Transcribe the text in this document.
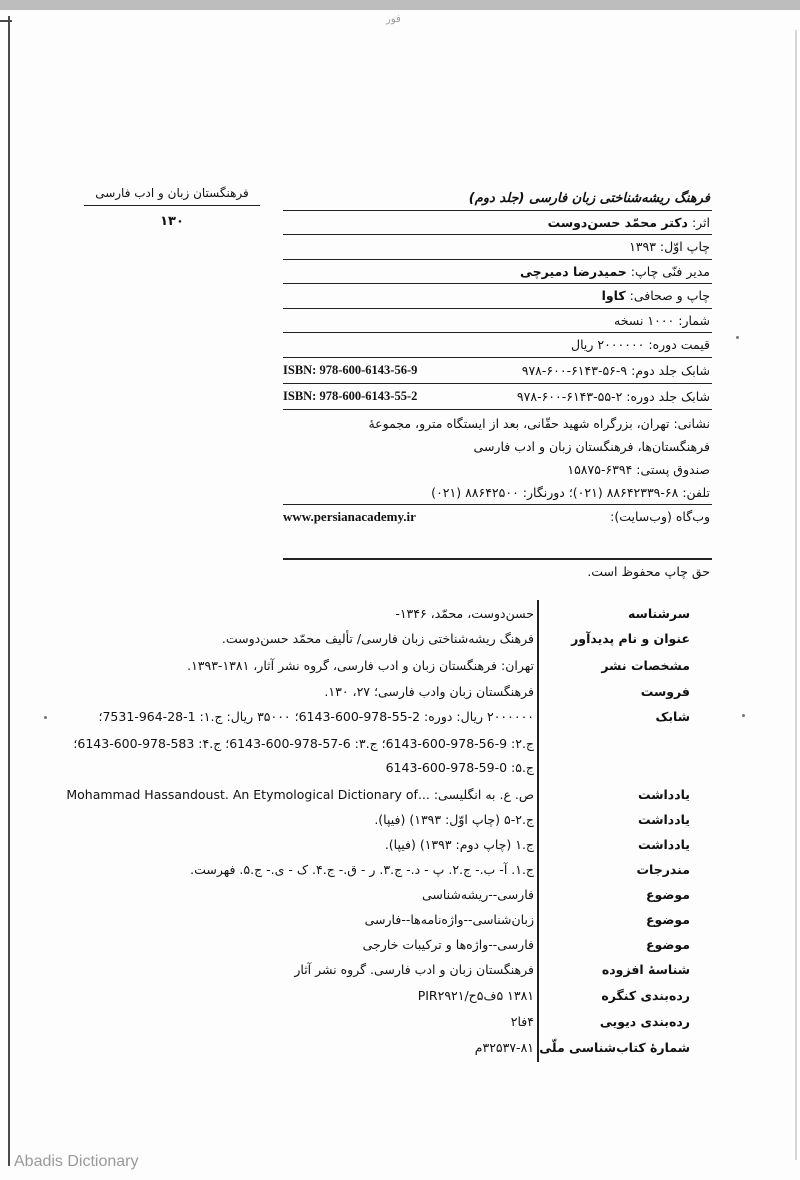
فور
فرهنگستان زبان و ادب فارسی
۱۳۰
فرهنگ ریشه‌شناختی زبان فارسی (جلد دوم)
اثر: دکتر محمّد حسن‌دوست
چاپ اوّل: ۱۳۹۳
مدیر فنّی چاپ: حمیدرضا دمیرچی
چاپ و صحافی: کاوا
شمار: ۱۰۰۰ نسخه
قیمت دوره: ۲۰۰۰۰۰۰ ریال
شابک جلد دوم: ۹-۵۶-۶۱۴۳-۶۰۰-۹۷۸
ISBN: 978-600-6143-56-9
شابک جلد دوره: ۲-۵۵-۶۱۴۳-۶۰۰-۹۷۸
ISBN: 978-600-6143-55-2
نشانی: تهران، بزرگراه شهید حقّانی، بعد از ایستگاه مترو، مجموعهٔ
فرهنگستان‌ها، فرهنگستان زبان و ادب فارسی
صندوق پستی: ۶۳۹۴-۱۵۸۷۵
تلفن: ۶۸-۸۸۶۴۲۳۳۹ (۰۲۱)؛ دورنگار: ۸۸۶۴۲۵۰۰ (۰۲۱)
وب‌گاه (وب‌سایت):
www.persianacademy.ir
حق چاپ محفوظ است.
سرشناسه
حسن‌دوست، محمّد، ۱۳۴۶-
عنوان و نام پدیدآور
فرهنگ ریشه‌شناختی زبان فارسی/ تألیف محمّد حسن‌دوست.
مشخصات نشر
تهران: فرهنگستان زبان و ادب فارسی، گروه نشر آثار، ۱۳۸۱-۱۳۹۳.
فروست
فرهنگستان زبان وادب فارسی؛ ۲۷، ۱۳۰.
شابک
۲۰۰۰۰۰۰ ریال: دوره: 2-55-978-600-6143؛ ۳۵۰۰۰ ریال: ج.۱: 1-28-964-7531؛
ج.۲: 9-56-978-600-6143؛ ج.۳: 6-57-978-600-6143؛ ج.۴: 583-978-600-6143؛
ج.۵: 0-59-978-600-6143
یادداشت
ص. ع. به انگلیسی: ...Mohammad Hassandoust. An Etymological Dictionary of
یادداشت
ج.۲-۵ (چاپ اوّل: ۱۳۹۳) (فیپا).
یادداشت
ج.۱ (چاپ دوم: ۱۳۹۳) (فیپا).
مندرجات
ج.۱. آ- ب.- ج.۲. پ - د.- ج.۳. ر - ق.- ج.۴. ک - ی.- ج.۵. فهرست.
موضوع
فارسی--ریشه‌شناسی
موضوع
زبان‌شناسی--واژه‌نامه‌ها--فارسی
موضوع
فارسی--واژه‌ها و ترکیبات خارجی
شناسهٔ افزوده
فرهنگستان زبان و ادب فارسی. گروه نشر آثار
رده‌بندی کنگره
۱۳۸۱ ۵ف۵ح/PIR۲۹۲۱
رده‌بندی دیویی
۴فا۲
شمارهٔ کتاب‌شناسی ملّی
۳۲۵۳۷-۸۱م
Abadis Dictionary
